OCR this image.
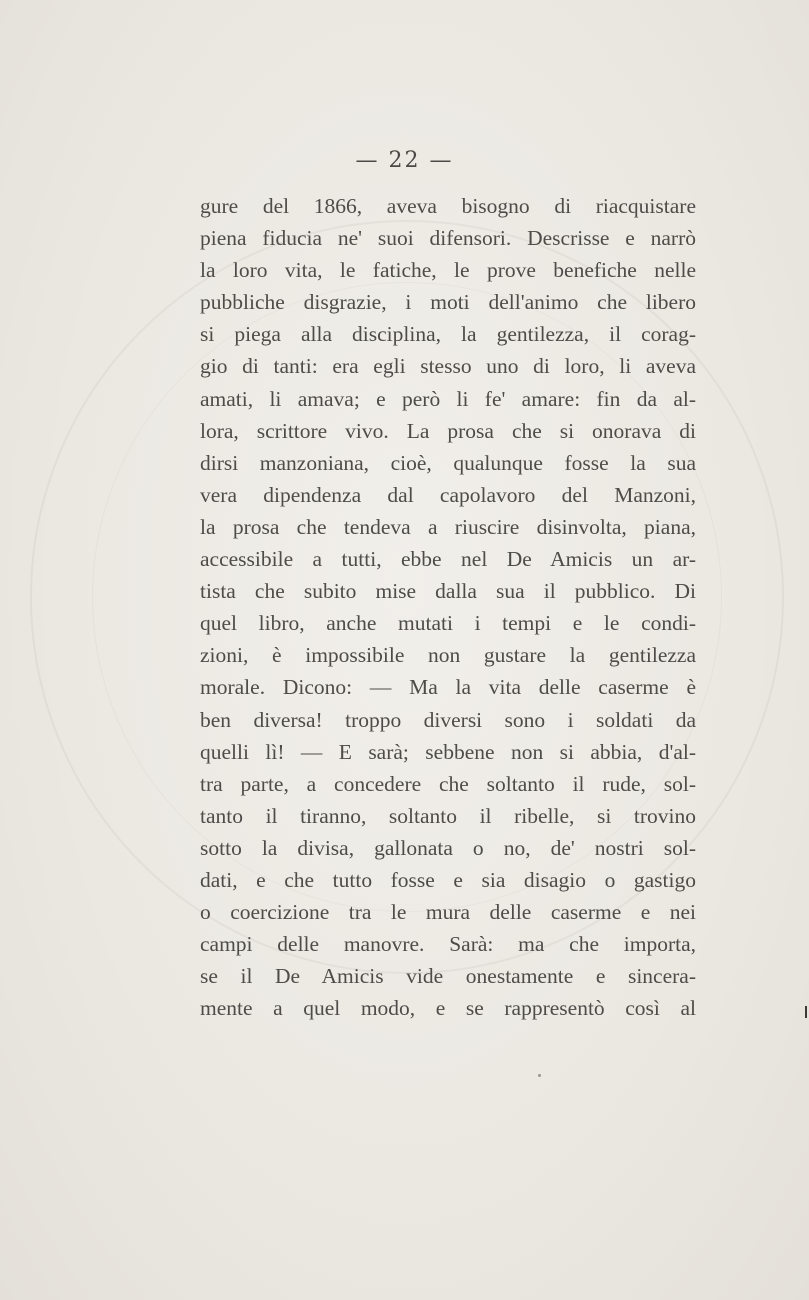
— 22 —
gure del 1866, aveva bisogno di riacquistare
piena fiducia ne' suoi difensori. Descrisse e narrò
la loro vita, le fatiche, le prove benefiche nelle
pubbliche disgrazie, i moti dell'animo che libero
si piega alla disciplina, la gentilezza, il corag-
gio di tanti: era egli stesso uno di loro, li aveva
amati, li amava; e però li fe' amare: fin da al-
lora, scrittore vivo. La prosa che si onorava di
dirsi manzoniana, cioè, qualunque fosse la sua
vera dipendenza dal capolavoro del Manzoni,
la prosa che tendeva a riuscire disinvolta, piana,
accessibile a tutti, ebbe nel De Amicis un ar-
tista che subito mise dalla sua il pubblico. Di
quel libro, anche mutati i tempi e le condi-
zioni, è impossibile non gustare la gentilezza
morale. Dicono: — Ma la vita delle caserme è
ben diversa! troppo diversi sono i soldati da
quelli lì! — E sarà; sebbene non si abbia, d'al-
tra parte, a concedere che soltanto il rude, sol-
tanto il tiranno, soltanto il ribelle, si trovino
sotto la divisa, gallonata o no, de' nostri sol-
dati, e che tutto fosse e sia disagio o gastigo
o coercizione tra le mura delle caserme e nei
campi delle manovre. Sarà: ma che importa,
se il De Amicis vide onestamente e sincera-
mente a quel modo, e se rappresentò così al
